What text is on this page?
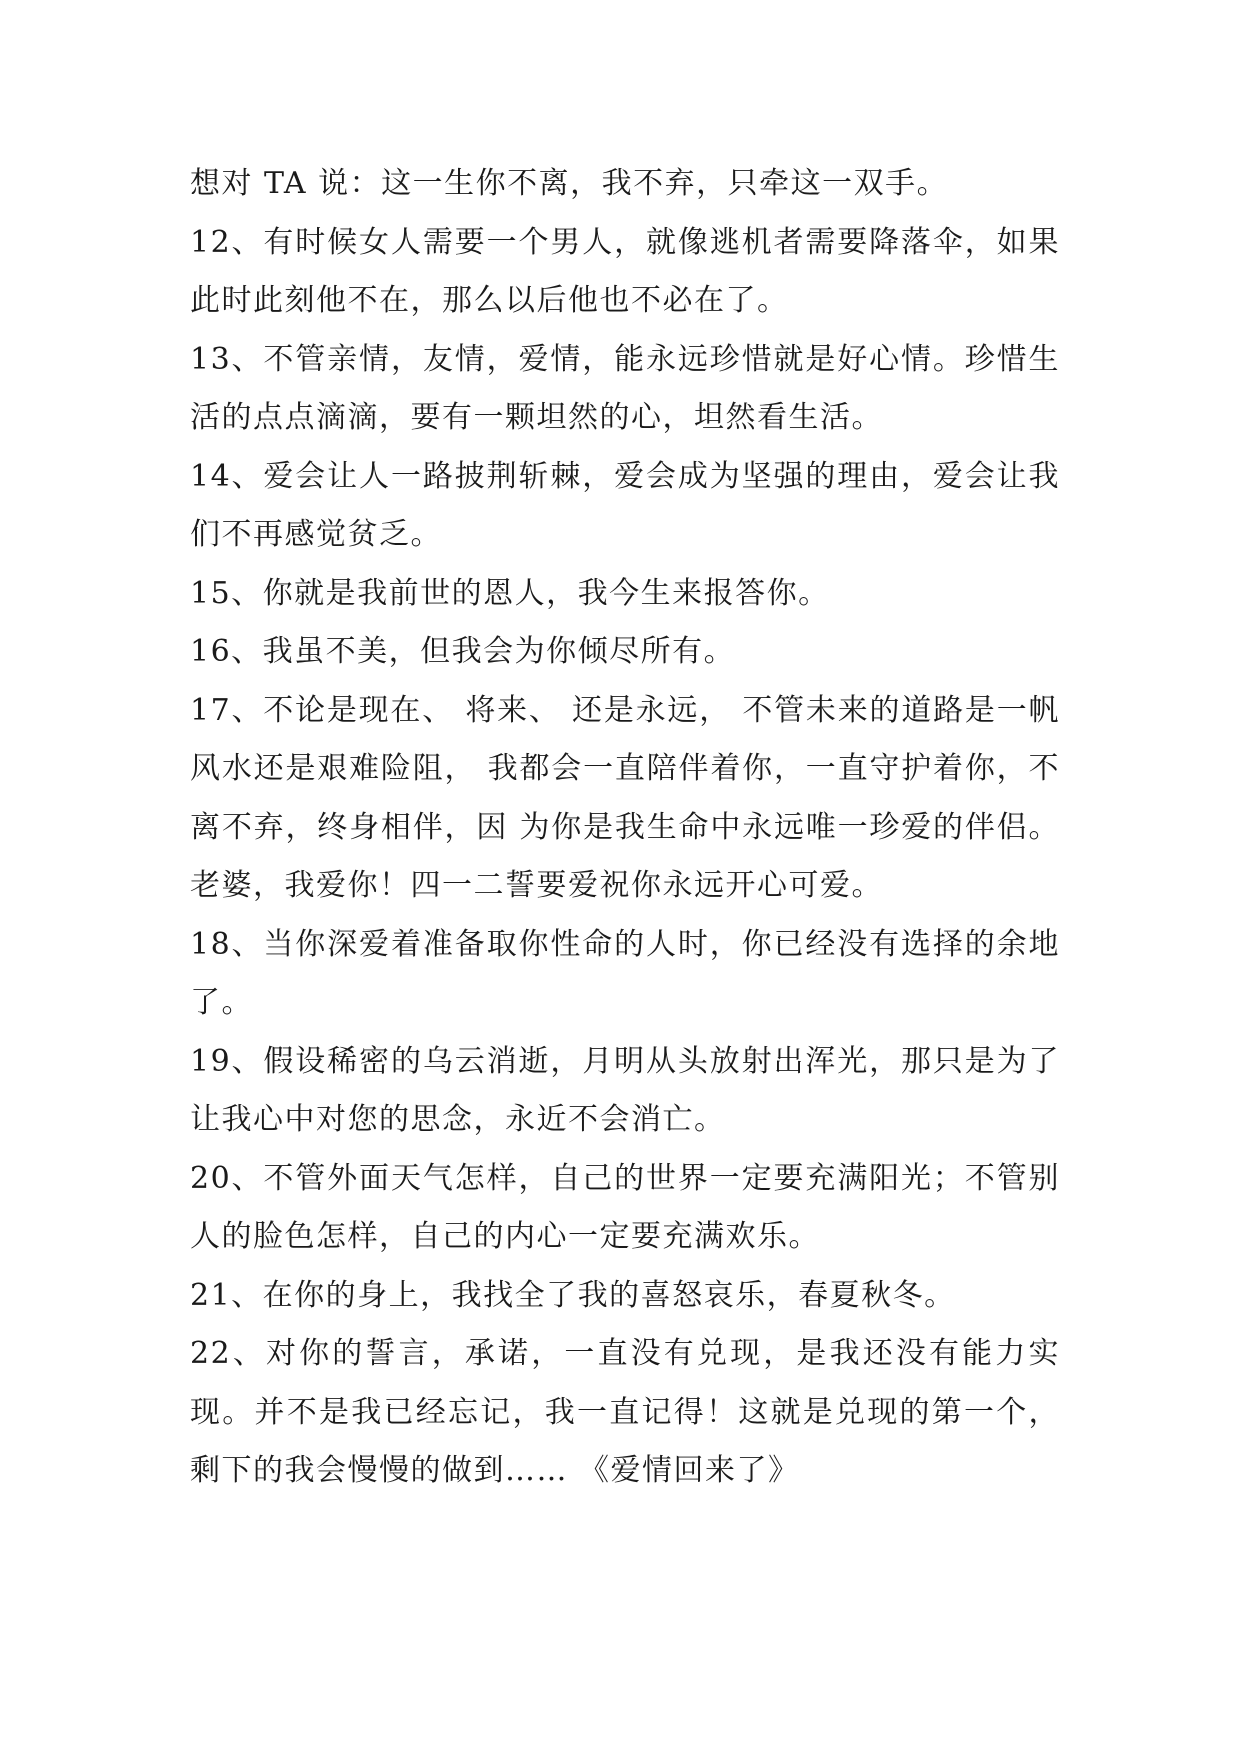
想对 TA 说：这一生你不离，我不弃，只牵这一双手。

12、有时候女人需要一个男人，就像逃机者需要降落伞，如果此时此刻他不在，那么以后他也不必在了。

13、不管亲情，友情，爱情，能永远珍惜就是好心情。珍惜生活的点点滴滴，要有一颗坦然的心，坦然看生活。

14、爱会让人一路披荆斩棘，爱会成为坚强的理由，爱会让我们不再感觉贫乏。

15、你就是我前世的恩人，我今生来报答你。

16、我虽不美，但我会为你倾尽所有。

17、不论是现在、 将来、 还是永远， 不管未来的道路是一帆风水还是艰难险阻， 我都会一直陪伴着你，一直守护着你，不离不弃，终身相伴，因 为你是我生命中永远唯一珍爱的伴侣。老婆，我爱你！四一二誓要爱祝你永远开心可爱。

18、当你深爱着准备取你性命的人时，你已经没有选择的余地了。

19、假设稀密的乌云消逝，月明从头放射出浑光，那只是为了让我心中对您的思念，永近不会消亡。

20、不管外面天气怎样，自己的世界一定要充满阳光；不管别人的脸色怎样，自己的内心一定要充满欢乐。

21、在你的身上，我找全了我的喜怒哀乐，春夏秋冬。

22、对你的誓言，承诺，一直没有兑现，是我还没有能力实现。并不是我已经忘记，我一直记得！这就是兑现的第一个，剩下的我会慢慢的做到…… 《爱情回来了》
